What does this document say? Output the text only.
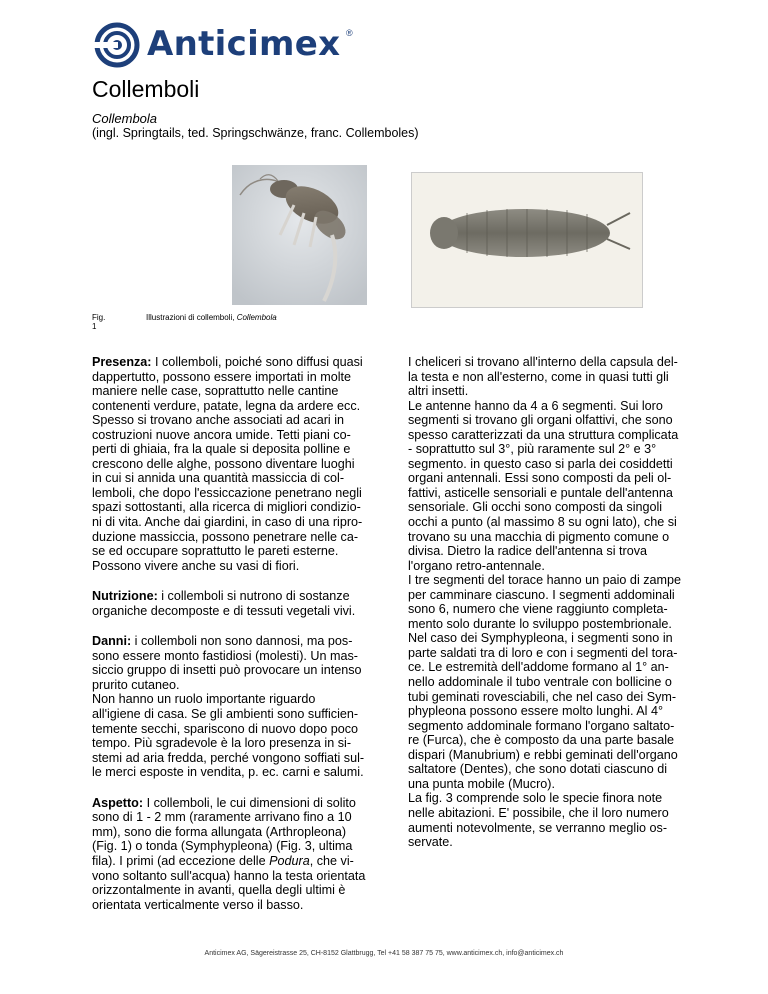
Anticimex ®
Collemboli
Collembola
(ingl. Springtails, ted. Springschwänze, franc. Collemboles)
Fig. 1
Illustrazioni di collemboli, Collembola

Presenza: I collemboli, poiché sono diffusi quasi
dappertutto, possono essere importati in molte
maniere nelle case, soprattutto nelle cantine
contenenti verdure, patate, legna da ardere ecc.
Spesso si trovano anche associati ad acari in
costruzioni nuove ancora umide. Tetti piani co-
perti di ghiaia, fra la quale si deposita polline e
crescono delle alghe, possono diventare luoghi
in cui si annida una quantità massiccia di col-
lemboli, che dopo l'essiccazione penetrano negli
spazi sottostanti, alla ricerca di migliori condizio-
ni di vita. Anche dai giardini, in caso di una ripro-
duzione massiccia, possono penetrare nelle ca-
se ed occupare soprattutto le pareti esterne.
Possono vivere anche su vasi di fiori.

Nutrizione: i collemboli si nutrono di sostanze
organiche decomposte e di tessuti vegetali vivi.

Danni: i collemboli non sono dannosi, ma pos-
sono essere monto fastidiosi (molesti). Un mas-
siccio gruppo di insetti può provocare un intenso
prurito cutaneo.
Non hanno un ruolo importante riguardo
all'igiene di casa. Se gli ambienti sono sufficien-
temente secchi, spariscono di nuovo dopo poco
tempo. Più sgradevole è la loro presenza in si-
stemi ad aria fredda, perché vongono soffiati sul-
le merci esposte in vendita, p. ec. carni e salumi.

Aspetto: I collemboli, le cui dimensioni di solito
sono di 1 - 2 mm (raramente arrivano fino a 10
mm), sono die forma allungata (Arthropleona)
(Fig. 1) o tonda (Symphypleona) (Fig. 3, ultima
fila). I primi (ad eccezione delle Podura, che vi-
vono soltanto sull'acqua) hanno la testa orientata
orizzontalmente in avanti, quella degli ultimi è
orientata verticalmente verso il basso.

I cheliceri si trovano all'interno della capsula del-
la testa e non all'esterno, come in quasi tutti gli
altri insetti.
Le antenne hanno da 4 a 6 segmenti. Sui loro
segmenti si trovano gli organi olfattivi, che sono
spesso caratterizzati da una struttura complicata
- soprattutto sul 3°, più raramente sul 2° e 3°
segmento. in questo caso si parla dei cosiddetti
organi antennali. Essi sono composti da peli ol-
fattivi, asticelle sensoriali e puntale dell'antenna
sensoriale. Gli occhi sono composti da singoli
occhi a punto (al massimo 8 su ogni lato), che si
trovano su una macchia di pigmento comune o
divisa. Dietro la radice dell'antenna si trova
l'organo retro-antennale.
I tre segmenti del torace hanno un paio di zampe
per camminare ciascuno. I segmenti addominali
sono 6, numero che viene raggiunto completa-
mento solo durante lo sviluppo postembrionale.
Nel caso dei Symphypleona, i segmenti sono in
parte saldati tra di loro e con i segmenti del tora-
ce. Le estremità dell'addome formano al 1° an-
nello addominale il tubo ventrale con bollicine o
tubi geminati rovesciabili, che nel caso dei Sym-
phypleona possono essere molto lunghi. Al 4°
segmento addominale formano l'organo saltato-
re (Furca), che è composto da una parte basale
dispari (Manubrium) e rebbi geminati dell'organo
saltatore (Dentes), che sono dotati ciascuno di
una punta mobile (Mucro).
La fig. 3 comprende solo le specie finora note
nelle abitazioni. E' possibile, che il loro numero
aumenti notevolmente, se verranno meglio os-
servate.

Anticimex AG, Sägereistrasse 25, CH-8152 Glattbrugg, Tel +41 58 387 75 75, www.anticimex.ch, info@anticimex.ch
